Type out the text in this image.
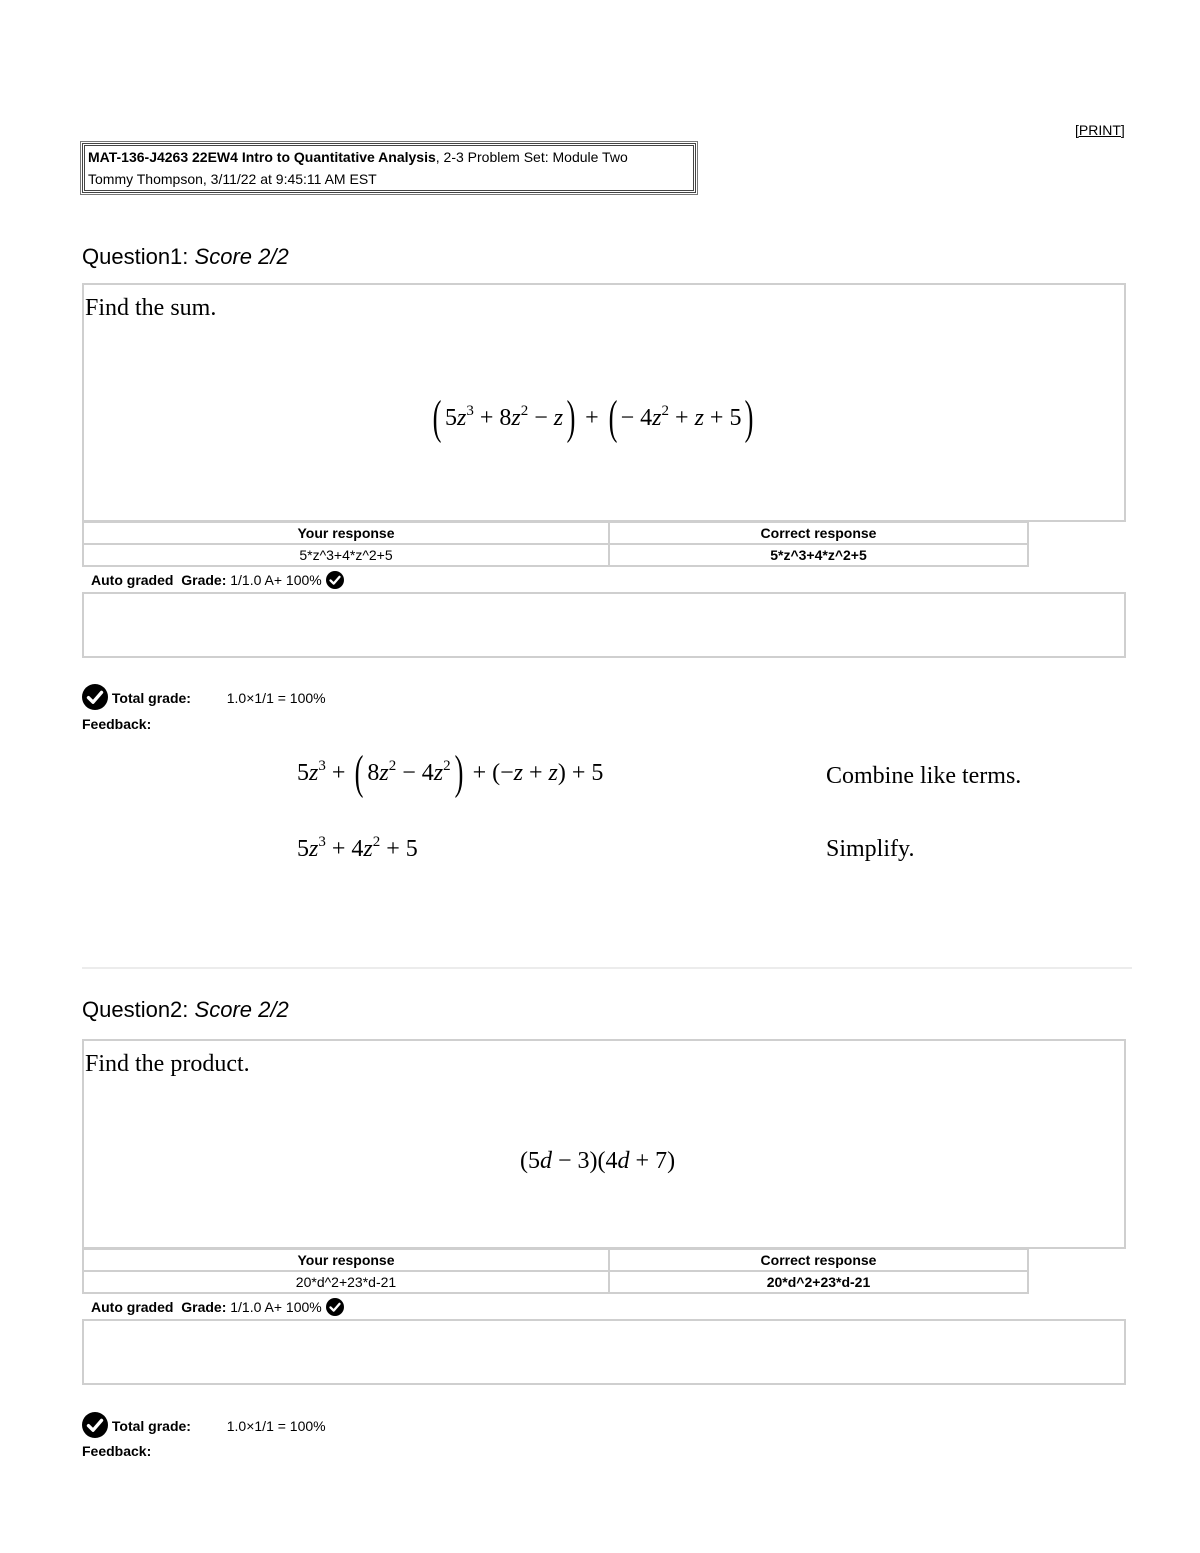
[PRINT]
MAT-136-J4263 22EW4 Intro to Quantitative Analysis, 2-3 Problem Set: Module Two
Tommy Thompson, 3/11/22 at 9:45:11 AM EST
Question1: Score 2/2
Find the sum.
( $5z^3 + 8z^2 - z$) + ( − $4z^2 + z + 5$)
Your response	Correct response
5*z^3+4*z^2+5	5*z^3+4*z^2+5
Auto graded Grade: 1/1.0 A+ 100%
Total grade:	1.0×1/1 = 100%
Feedback:
$5z^3$ + ( $8z^2 - 4z^2) + (-z + z) + 5$	Combine like terms.
$5z^3 + 4z^2 + 5$	Simplify.
Question2: Score 2/2
Find the product.
(5d − 3)(4d + 7)
Your response	Correct response
20*d^2+23*d-21	20*d^2+23*d-21
Auto graded Grade: 1/1.0 A+ 100%
Total grade:	1.0×1/1 = 100%
Feedback:
